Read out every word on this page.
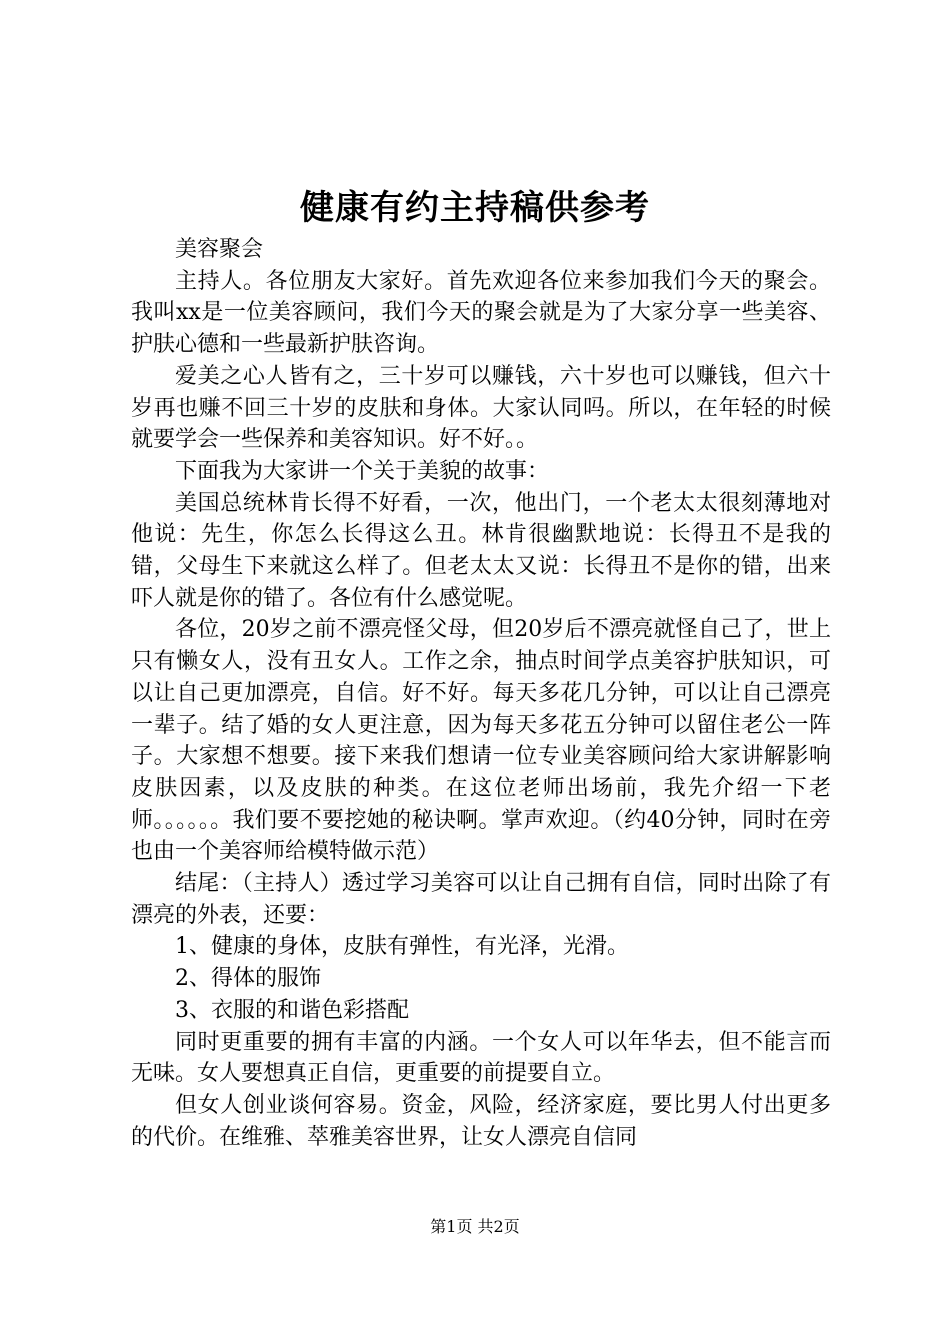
健康有约主持稿供参考

美容聚会

主持人。各位朋友大家好。首先欢迎各位来参加我们今天的聚会。我叫xx是一位美容顾问，我们今天的聚会就是为了大家分享一些美容、护肤心德和一些最新护肤咨询。

爱美之心人皆有之，三十岁可以赚钱，六十岁也可以赚钱，但六十岁再也赚不回三十岁的皮肤和身体。大家认同吗。所以，在年轻的时候就要学会一些保养和美容知识。好不好。。

下面我为大家讲一个关于美貌的故事：

美国总统林肯长得不好看，一次，他出门，一个老太太很刻薄地对他说：先生，你怎么长得这么丑。林肯很幽默地说：长得丑不是我的错，父母生下来就这么样了。但老太太又说：长得丑不是你的错，出来吓人就是你的错了。各位有什么感觉呢。

各位，20岁之前不漂亮怪父母，但20岁后不漂亮就怪自己了，世上只有懒女人，没有丑女人。工作之余，抽点时间学点美容护肤知识，可以让自己更加漂亮，自信。好不好。每天多花几分钟，可以让自己漂亮一辈子。结了婚的女人更注意，因为每天多花五分钟可以留住老公一阵子。大家想不想要。接下来我们想请一位专业美容顾问给大家讲解影响皮肤因素，以及皮肤的种类。在这位老师出场前，我先介绍一下老师。。。。。。我们要不要挖她的秘诀啊。掌声欢迎。（约40分钟，同时在旁也由一个美容师给模特做示范）

结尾：（主持人）透过学习美容可以让自己拥有自信，同时出除了有漂亮的外表，还要：

1、健康的身体，皮肤有弹性，有光泽，光滑。

2、得体的服饰

3、衣服的和谐色彩搭配

同时更重要的拥有丰富的内涵。一个女人可以年华去，但不能言而无味。女人要想真正自信，更重要的前提要自立。

但女人创业谈何容易。资金，风险，经济家庭，要比男人付出更多的代价。在维雅、萃雅美容世界，让女人漂亮自信同

第1页 共2页
